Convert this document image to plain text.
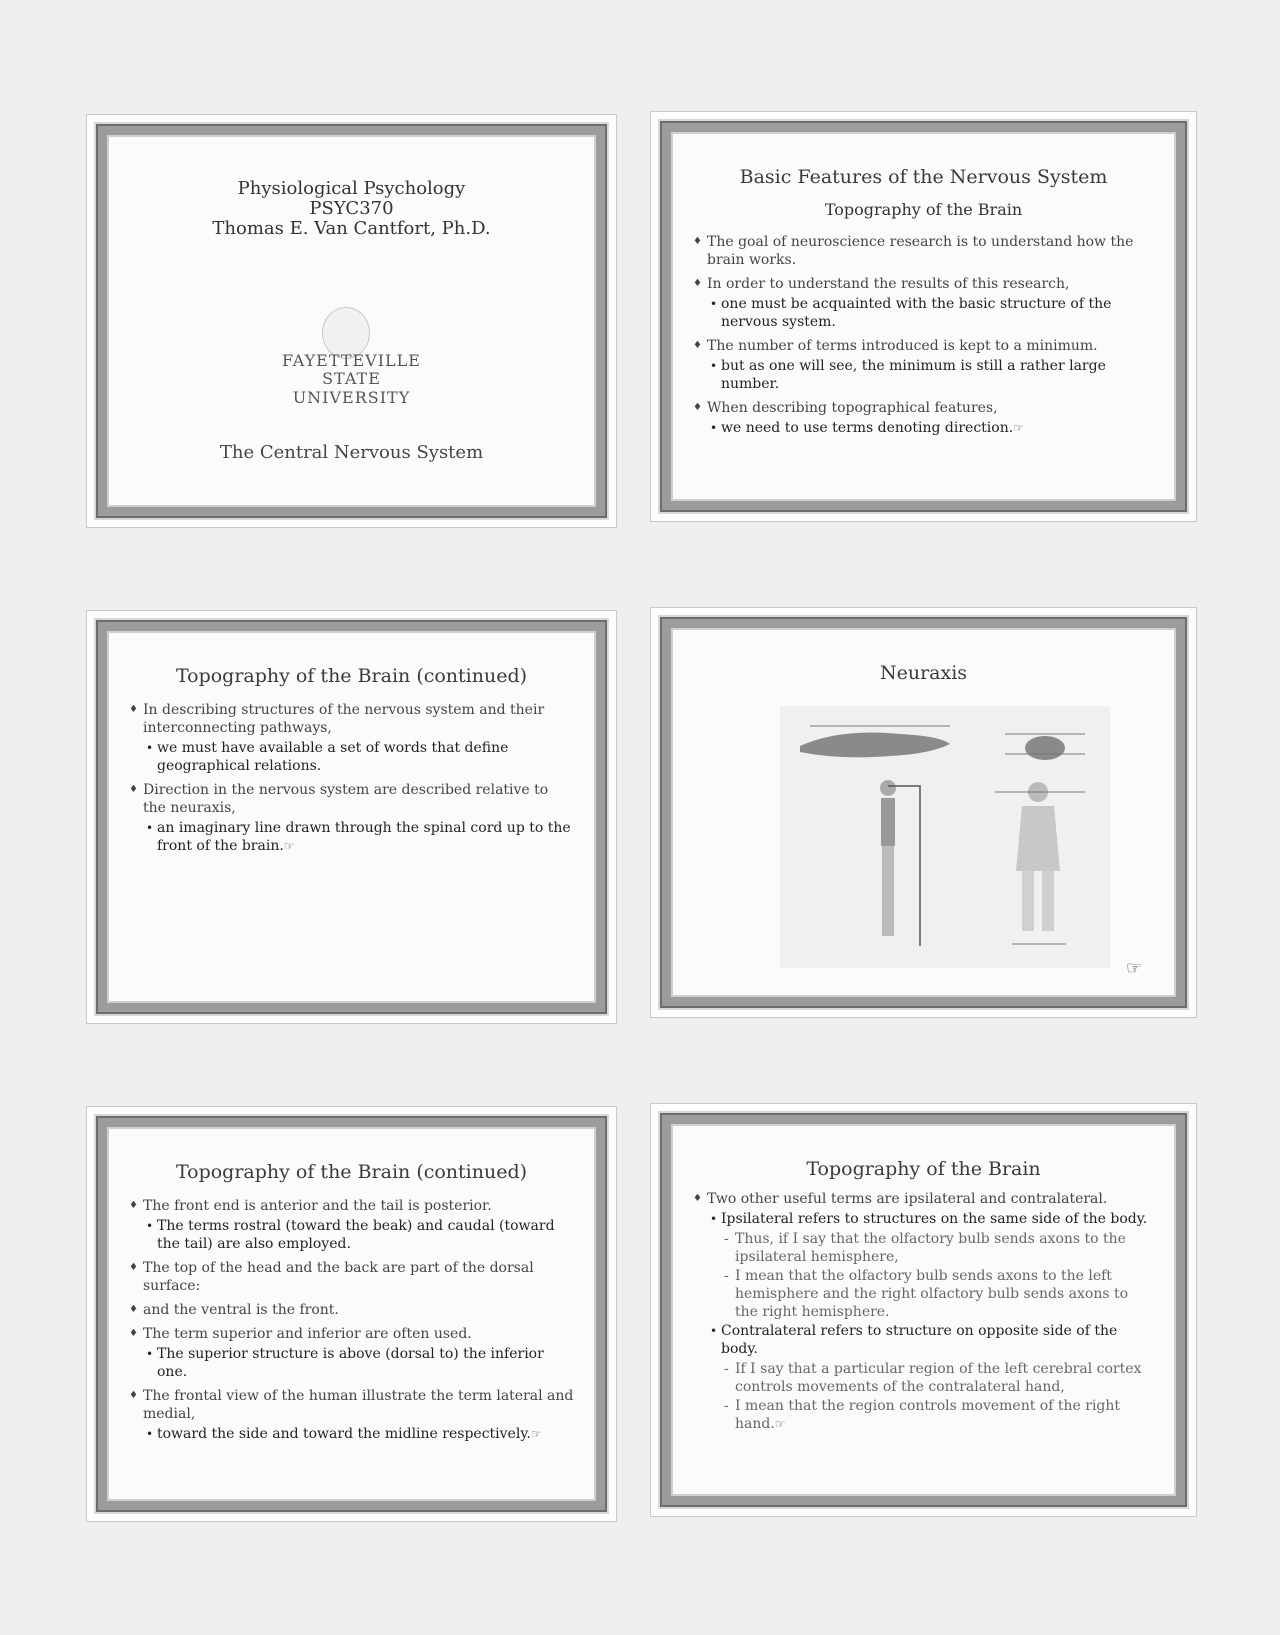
Physiological Psychology
PSYC370
Thomas E. Van Cantfort, Ph.D.
FAYETTEVILLE
STATE UNIVERSITY
The Central Nervous System
Basic Features of the Nervous System
Topography of the Brain
♦ The goal of neuroscience research is to understand how the brain works.
♦ In order to understand the results of this research,
• one must be acquainted with the basic structure of the nervous system.
♦ The number of terms introduced is kept to a minimum.
• but as one will see, the minimum is still a rather large number.
♦ When describing topographical features,
• we need to use terms denoting direction.☞
Topography of the Brain (continued)
♦ In describing structures of the nervous system and their interconnecting pathways,
• we must have available a set of words that define geographical relations.
♦ Direction in the nervous system are described relative to the neuraxis,
• an imaginary line drawn through the spinal cord up to the front of the brain.☞
Neuraxis
☞
Topography of the Brain (continued)
♦ The front end is anterior and the tail is posterior.
• The terms rostral (toward the beak) and caudal (toward the tail) are also employed.
♦ The top of the head and the back are part of the dorsal surface:
♦ and the ventral is the front.
♦ The term superior and inferior are often used.
• The superior structure is above (dorsal to) the inferior one.
♦ The frontal view of the human illustrate the term lateral and medial,
• toward the side and toward the midline respectively.☞
Topography of the Brain
♦ Two other useful terms are ipsilateral and contralateral.
• Ipsilateral refers to structures on the same side of the body.
- Thus, if I say that the olfactory bulb sends axons to the ipsilateral hemisphere,
- I mean that the olfactory bulb sends axons to the left hemisphere and the right olfactory bulb sends axons to the right hemisphere.
• Contralateral refers to structure on opposite side of the body.
- If I say that a particular region of the left cerebral cortex controls movements of the contralateral hand,
- I mean that the region controls movement of the right hand.☞
